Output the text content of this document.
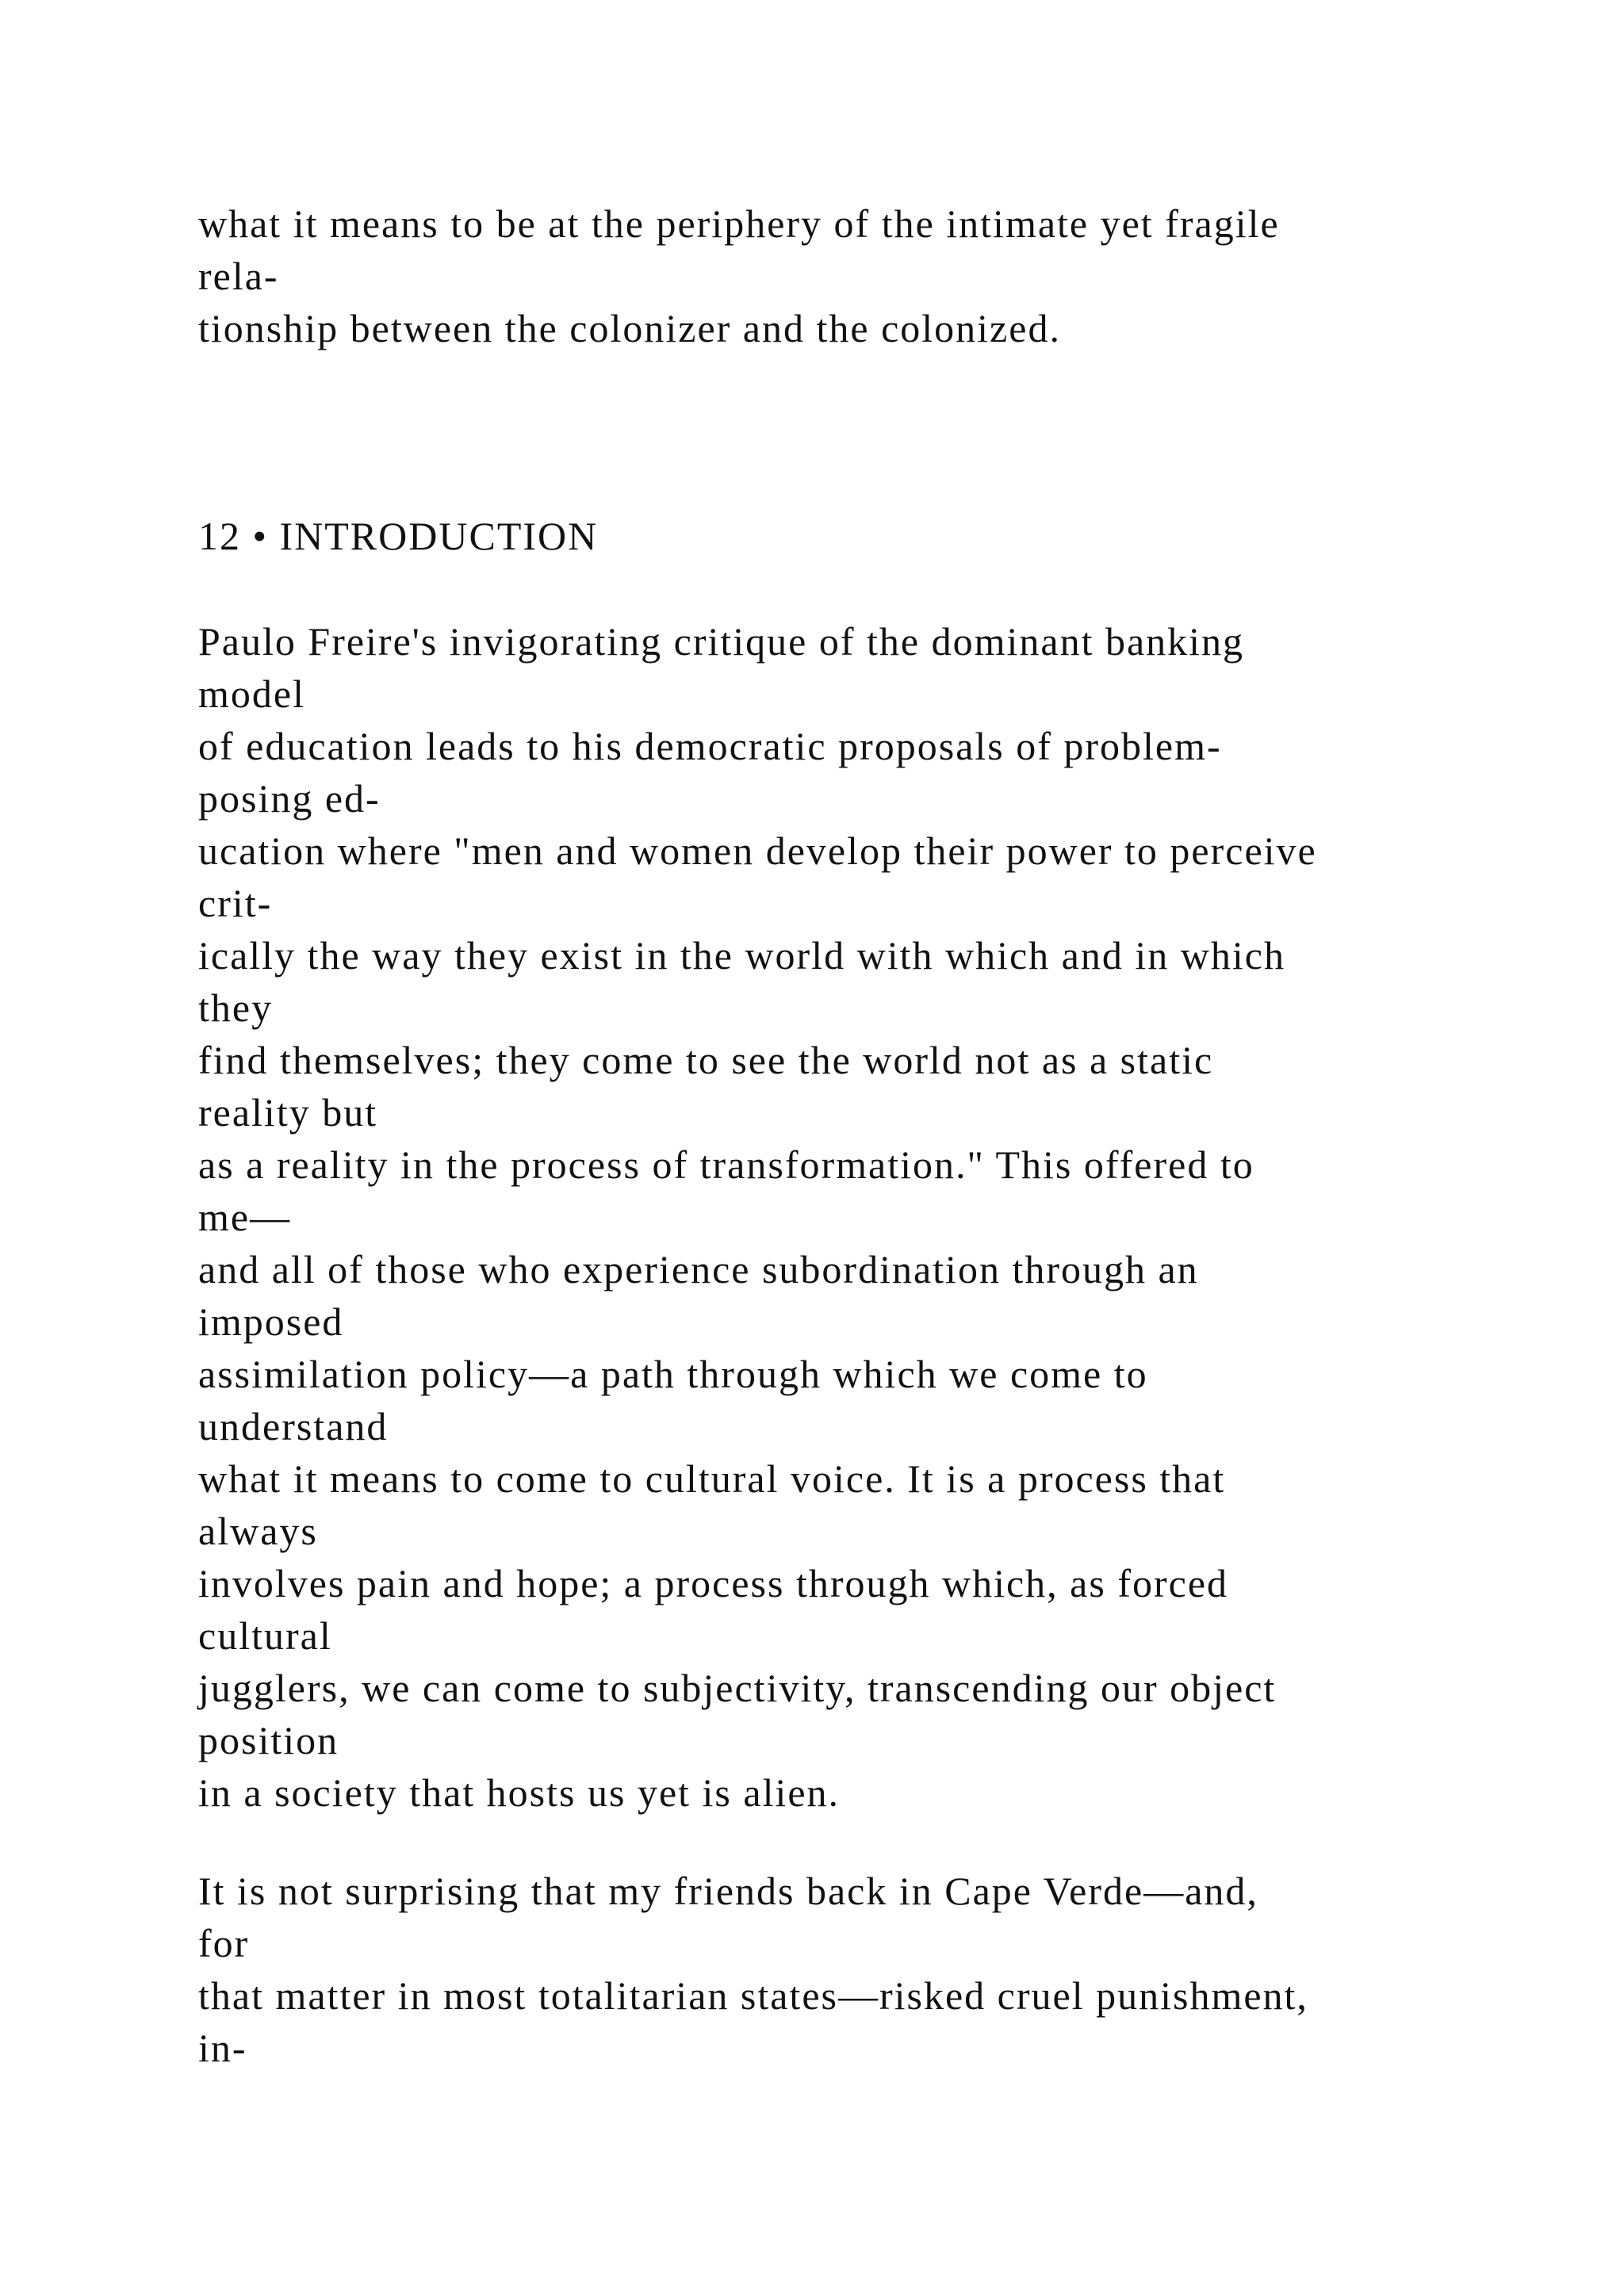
what it means to be at the periphery of the intimate yet fragile
rela-
tionship between the colonizer and the colonized.
12 • INTRODUCTION
Paulo Freire's invigorating critique of the dominant banking
model
of education leads to his democratic proposals of problem-
posing ed-
ucation where "men and women develop their power to perceive
crit-
ically the way they exist in the world with which and in which
they
find themselves; they come to see the world not as a static
reality but
as a reality in the process of transformation." This offered to
me—
and all of those who experience subordination through an
imposed
assimilation policy—a path through which we come to
understand
what it means to come to cultural voice. It is a process that
always
involves pain and hope; a process through which, as forced
cultural
jugglers, we can come to subjectivity, transcending our object
position
in a society that hosts us yet is alien.
It is not surprising that my friends back in Cape Verde—and,
for
that matter in most totalitarian states—risked cruel punishment,
in-
